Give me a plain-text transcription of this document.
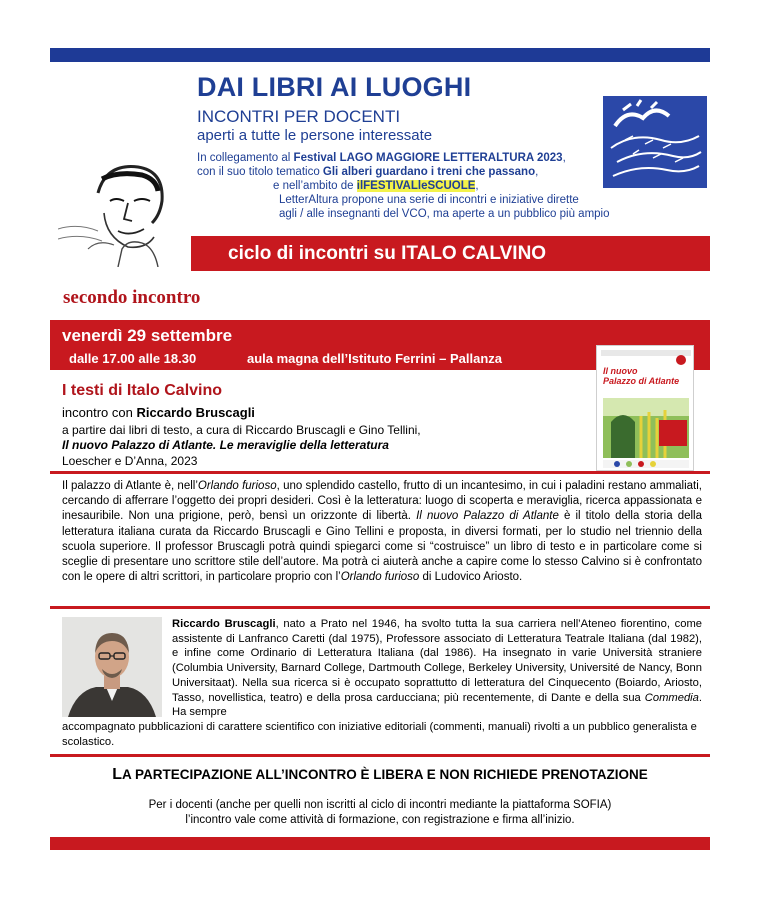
DAI LIBRI AI LUOGHI
INCONTRI PER DOCENTI
aperti a tutte le persone interessate
In collegamento al Festival LAGO MAGGIORE LETTERALTURA 2023,
con il suo titolo tematico Gli alberi guardano i treni che passano,
e nell’ambito de ilFESTIVALleSCUOLE,
LetterAltura propone una serie di incontri e iniziative dirette
agli / alle insegnanti del VCO, ma aperte a un pubblico più ampio
ciclo di incontri su ITALO CALVINO
secondo incontro
venerdì 29 settembre
dalle 17.00 alle 18.30	aula magna dell’Istituto Ferrini – Pallanza
Il nuovo
Palazzo di Atlante
I testi di Italo Calvino
incontro con Riccardo Bruscagli
a partire dai libri di testo, a cura di Riccardo Bruscagli e Gino Tellini,
Il nuovo Palazzo di Atlante. Le meraviglie della letteratura
Loescher e D’Anna, 2023
Il palazzo di Atlante è, nell’Orlando furioso, uno splendido castello, frutto di un incantesimo, in cui i paladini restano ammaliati, cercando di afferrare l’oggetto dei propri desideri. Così è la letteratura: luogo di scoperta e meraviglia, ricerca appassionata e inesauribile. Non una prigione, però, bensì un orizzonte di libertà. Il nuovo Palazzo di Atlante è il titolo della storia della letteratura italiana curata da Riccardo Bruscagli e Gino Tellini e proposta, in diversi formati, per lo studio nel triennio della scuola superiore. Il professor Bruscagli potrà quindi spiegarci come si “costruisce” un libro di testo e in particolare come si sceglie di presentare uno scrittore stile dell’autore. Ma potrà ci aiuterà anche a capire come lo stesso Calvino si è confrontato con le opere di altri scrittori, in particolare proprio con l’Orlando furioso di Ludovico Ariosto.
Riccardo Bruscagli, nato a Prato nel 1946, ha svolto tutta la sua carriera nell’Ateneo fiorentino, come assistente di Lanfranco Caretti (dal 1975), Professore associato di Letteratura Teatrale Italiana (dal 1982), e infine come Ordinario di Letteratura Italiana (dal 1986). Ha insegnato in varie Università straniere (Columbia University, Barnard College, Dartmouth College, Berkeley University, Université de Nancy, Bonn Universitaat). Nella sua ricerca si è occupato soprattutto di letteratura del Cinquecento (Boiardo, Ariosto, Tasso, novellistica, teatro) e della prosa carducciana; più recentemente, di Dante e della sua Commedia. Ha sempre
accompagnato pubblicazioni di carattere scientifico con iniziative editoriali (commenti, manuali) rivolti a un pubblico generalista e scolastico.
LA PARTECIPAZIONE ALL’INCONTRO È LIBERA E NON RICHIEDE PRENOTAZIONE
Per i docenti (anche per quelli non iscritti al ciclo di incontri mediante la piattaforma SOFIA)
l’incontro vale come attività di formazione, con registrazione e firma all’inizio.
